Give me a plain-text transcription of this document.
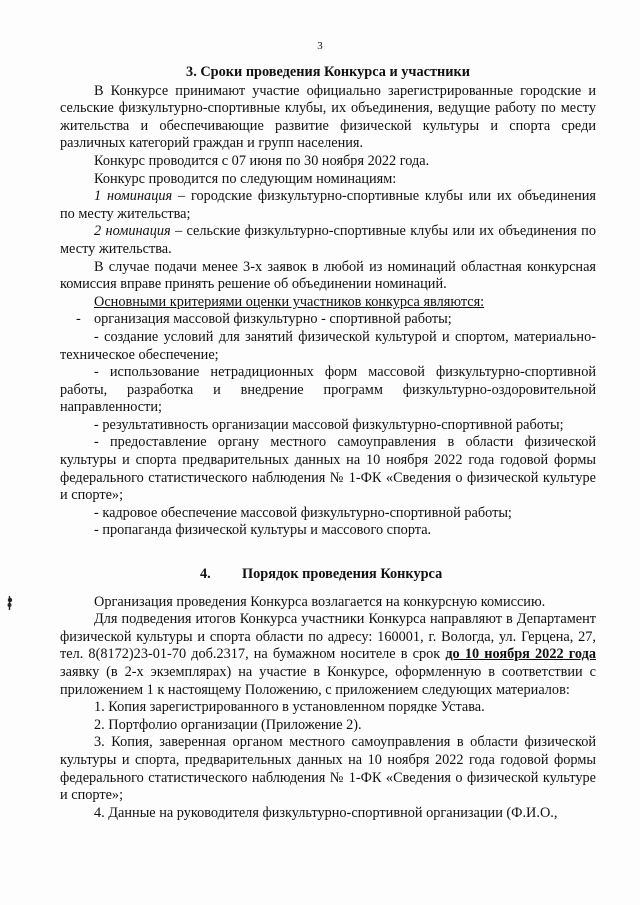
3

3. Сроки проведения Конкурса и участники

В Конкурсе принимают участие официально зарегистрированные городские и сельские физкультурно-спортивные клубы, их объединения, ведущие работу по месту жительства и обеспечивающие развитие физической культуры и спорта среди различных категорий граждан и групп населения.

Конкурс проводится с 07 июня по 30 ноября 2022 года.

Конкурс проводится по следующим номинациям:

1 номинация – городские физкультурно-спортивные клубы или их объединения по месту жительства;

2 номинация – сельские физкультурно-спортивные клубы или их объединения по месту жительства.

В случае подачи менее 3-х заявок в любой из номинаций областная конкурсная комиссия вправе принять решение об объединении номинаций.

Основными критериями оценки участников конкурса являются:

- организация массовой физкультурно - спортивной работы;

- создание условий для занятий физической культурой и спортом, материально-техническое обеспечение;

- использование нетрадиционных форм массовой физкультурно-спортивной работы, разработка и внедрение программ физкультурно-оздоровительной направленности;

- результативность организации массовой физкультурно-спортивной работы;

- предоставление органу местного самоуправления в области физической культуры и спорта предварительных данных на 10 ноября 2022 года годовой формы федерального статистического наблюдения № 1-ФК «Сведения о физической культуре и спорте»;

- кадровое обеспечение массовой физкультурно-спортивной работы;

- пропаганда физической культуры и массового спорта.

4. Порядок проведения Конкурса

Организация проведения Конкурса возлагается на конкурсную комиссию.

Для подведения итогов Конкурса участники Конкурса направляют в Департамент физической культуры и спорта области по адресу: 160001, г. Вологда, ул. Герцена, 27, тел. 8(8172)23-01-70 доб.2317, на бумажном носителе в срок до 10 ноября 2022 года заявку (в 2-х экземплярах) на участие в Конкурсе, оформленную в соответствии с приложением 1 к настоящему Положению, с приложением следующих материалов:

1. Копия зарегистрированного в установленном порядке Устава.

2. Портфолио организации (Приложение 2).

3. Копия, заверенная органом местного самоуправления в области физической культуры и спорта, предварительных данных на 10 ноября 2022 года годовой формы федерального статистического наблюдения № 1-ФК «Сведения о физической культуре и спорте»;

4. Данные на руководителя физкультурно-спортивной организации (Ф.И.О.,
